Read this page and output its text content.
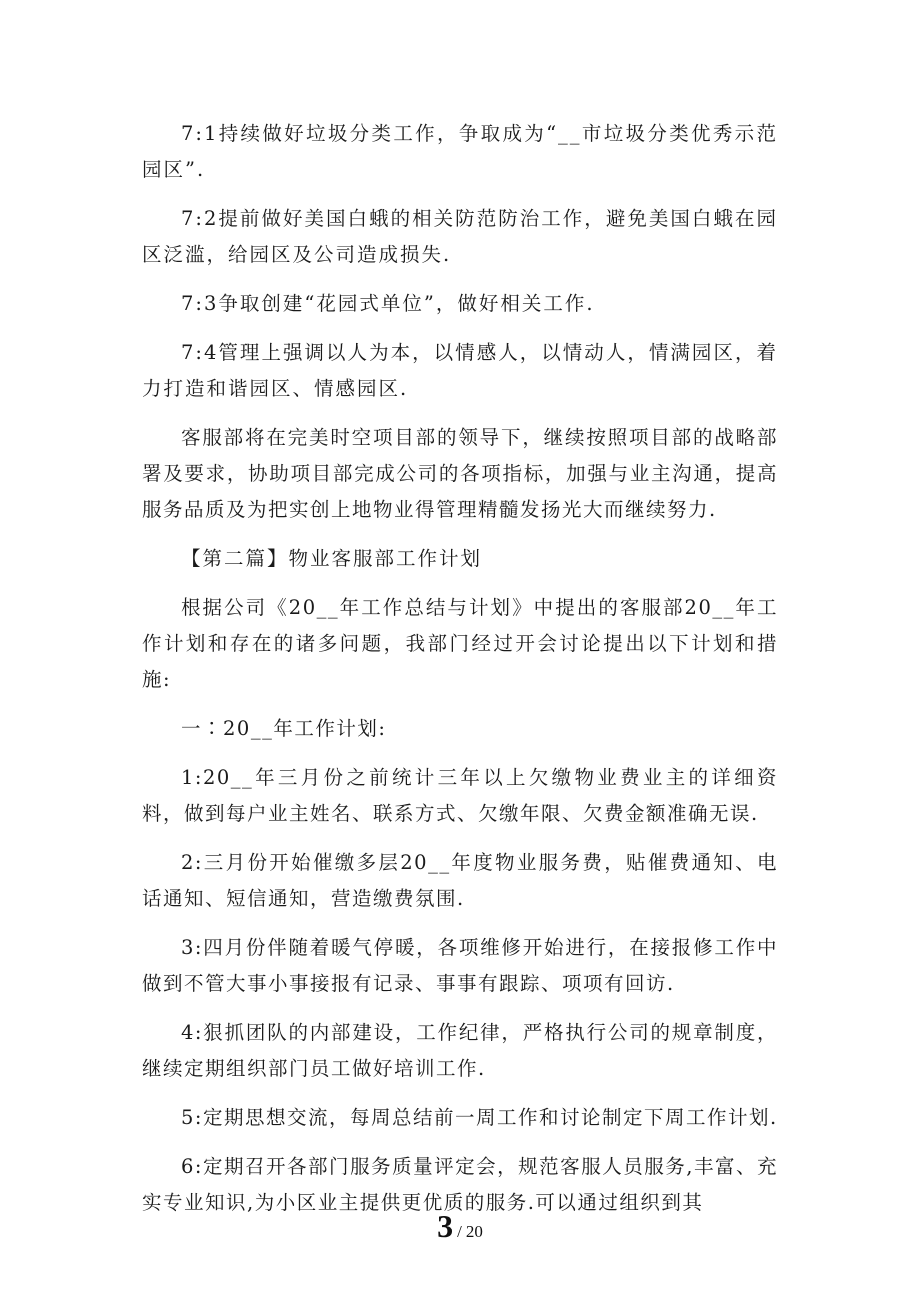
7:1持续做好垃圾分类工作，争取成为“__市垃圾分类优秀示范园区”.

7:2提前做好美国白蛾的相关防范防治工作，避免美国白蛾在园区泛滥，给园区及公司造成损失.

7:3争取创建“花园式单位”，做好相关工作.

7:4管理上强调以人为本，以情感人，以情动人，情满园区，着力打造和谐园区、情感园区.

客服部将在完美时空项目部的领导下，继续按照项目部的战略部署及要求，协助项目部完成公司的各项指标，加强与业主沟通，提高服务品质及为把实创上地物业得管理精髓发扬光大而继续努力.

【第二篇】物业客服部工作计划

根据公司《20__年工作总结与计划》中提出的客服部20__年工作计划和存在的诸多问题，我部门经过开会讨论提出以下计划和措施:

一∶20__年工作计划:

1:20__年三月份之前统计三年以上欠缴物业费业主的详细资料，做到每户业主姓名、联系方式、欠缴年限、欠费金额准确无误.

2:三月份开始催缴多层20__年度物业服务费，贴催费通知、电话通知、短信通知，营造缴费氛围.

3:四月份伴随着暖气停暖，各项维修开始进行，在接报修工作中做到不管大事小事接报有记录、事事有跟踪、项项有回访.

4:狠抓团队的内部建设，工作纪律，严格执行公司的规章制度，继续定期组织部门员工做好培训工作.

5:定期思想交流，每周总结前一周工作和讨论制定下周工作计划.

6:定期召开各部门服务质量评定会，规范客服人员服务,丰富、充实专业知识,为小区业主提供更优质的服务.可以通过组织到其

3 / 20
